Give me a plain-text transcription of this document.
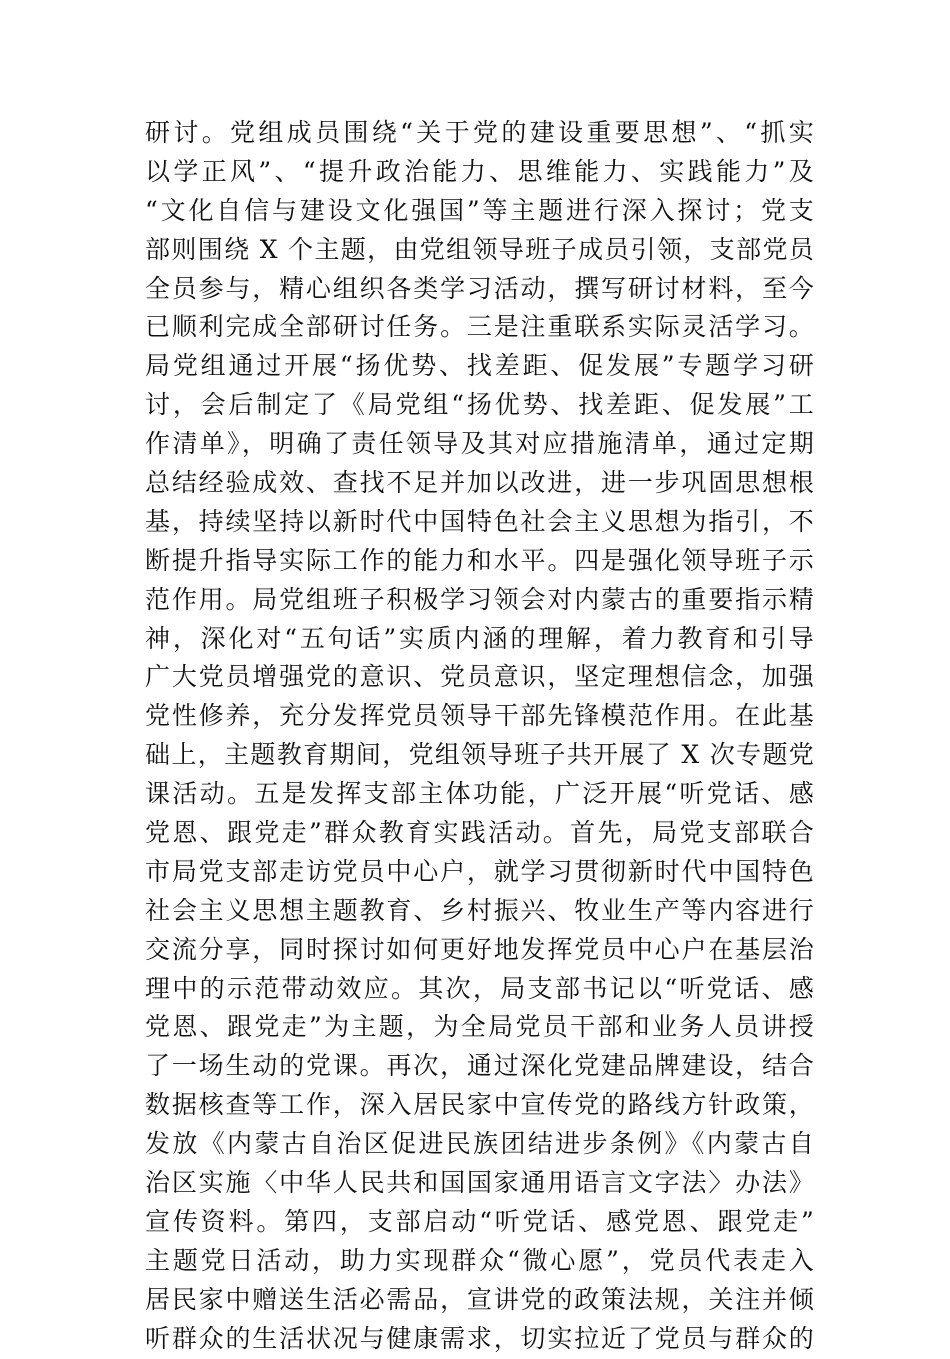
研讨。党组成员围绕“关于党的建设重要思想”、“抓实
以学正风”、“提升政治能力、思维能力、实践能力”及
“文化自信与建设文化强国”等主题进行深入探讨；党支
部则围绕 X 个主题，由党组领导班子成员引领，支部党员
全员参与，精心组织各类学习活动，撰写研讨材料，至今
已顺利完成全部研讨任务。三是注重联系实际灵活学习。
局党组通过开展“扬优势、找差距、促发展”专题学习研
讨，会后制定了《局党组“扬优势、找差距、促发展”工
作清单》，明确了责任领导及其对应措施清单，通过定期
总结经验成效、查找不足并加以改进，进一步巩固思想根
基，持续坚持以新时代中国特色社会主义思想为指引，不
断提升指导实际工作的能力和水平。四是强化领导班子示
范作用。局党组班子积极学习领会对内蒙古的重要指示精
神，深化对“五句话”实质内涵的理解，着力教育和引导
广大党员增强党的意识、党员意识，坚定理想信念，加强
党性修养，充分发挥党员领导干部先锋模范作用。在此基
础上，主题教育期间，党组领导班子共开展了 X 次专题党
课活动。五是发挥支部主体功能，广泛开展“听党话、感
党恩、跟党走”群众教育实践活动。首先，局党支部联合
市局党支部走访党员中心户，就学习贯彻新时代中国特色
社会主义思想主题教育、乡村振兴、牧业生产等内容进行
交流分享，同时探讨如何更好地发挥党员中心户在基层治
理中的示范带动效应。其次，局支部书记以“听党话、感
党恩、跟党走”为主题，为全局党员干部和业务人员讲授
了一场生动的党课。再次，通过深化党建品牌建设，结合
数据核查等工作，深入居民家中宣传党的路线方针政策，
发放《内蒙古自治区促进民族团结进步条例》《内蒙古自
治区实施〈中华人民共和国国家通用语言文字法〉办法》
宣传资料。第四，支部启动“听党话、感党恩、跟党走”
主题党日活动，助力实现群众“微心愿”，党员代表走入
居民家中赠送生活必需品，宣讲党的政策法规，关注并倾
听群众的生活状况与健康需求，切实拉近了党员与群众的
